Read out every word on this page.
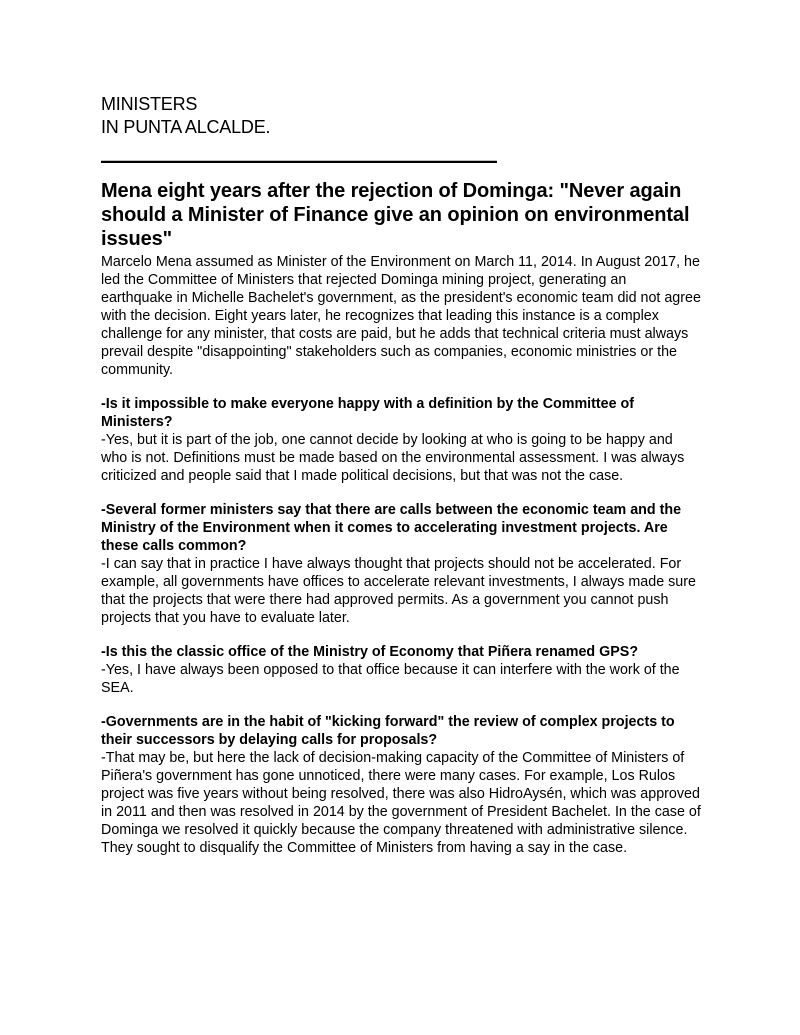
MINISTERS

IN PUNTA ALCALDE.

——————————————————
Mena eight years after the rejection of Dominga: "Never again should a Minister of Finance give an opinion on environmental issues"

Marcelo Mena assumed as Minister of the Environment on March 11, 2014. In August 2017, he led the Committee of Ministers that rejected Dominga mining project, generating an earthquake in Michelle Bachelet's government, as the president's economic team did not agree with the decision. Eight years later, he recognizes that leading this instance is a complex challenge for any minister, that costs are paid, but he adds that technical criteria must always prevail despite "disappointing" stakeholders such as companies, economic ministries or the community.

-Is it impossible to make everyone happy with a definition by the Committee of Ministers?

-Yes, but it is part of the job, one cannot decide by looking at who is going to be happy and who is not. Definitions must be made based on the environmental assessment. I was always criticized and people said that I made political decisions, but that was not the case.

-Several former ministers say that there are calls between the economic team and the Ministry of the Environment when it comes to accelerating investment projects. Are these calls common?

-I can say that in practice I have always thought that projects should not be accelerated. For example, all governments have offices to accelerate relevant investments, I always made sure that the projects that were there had approved permits. As a government you cannot push projects that you have to evaluate later.

-Is this the classic office of the Ministry of Economy that Piñera renamed GPS?

-Yes, I have always been opposed to that office because it can interfere with the work of the SEA.

-Governments are in the habit of "kicking forward" the review of complex projects to their successors by delaying calls for proposals?

-That may be, but here the lack of decision-making capacity of the Committee of Ministers of Piñera's government has gone unnoticed, there were many cases. For example, Los Rulos project was five years without being resolved, there was also HidroAysén, which was approved in 2011 and then was resolved in 2014 by the government of President Bachelet. In the case of Dominga we resolved it quickly because the company threatened with administrative silence. They sought to disqualify the Committee of Ministers from having a say in the case.
